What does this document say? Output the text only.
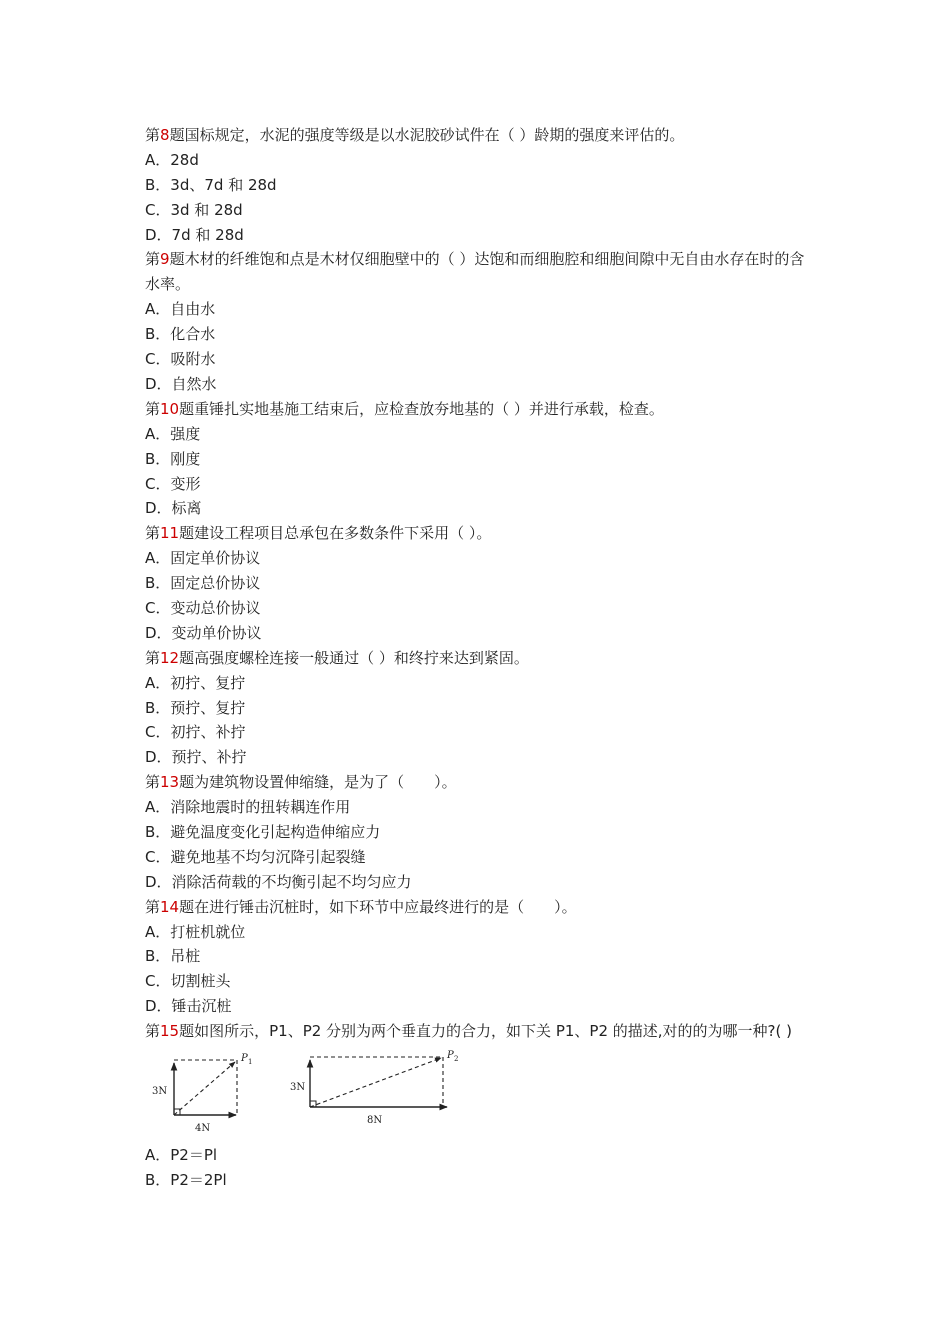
第8题国标规定，水泥的强度等级是以水泥胶砂试件在（ ）龄期的强度来评估的。
A．28d
B．3d、7d 和 28d
C．3d 和 28d
D．7d 和 28d
第9题木材的纤维饱和点是木材仅细胞壁中的（ ）达饱和而细胞腔和细胞间隙中无自由水存在时的含水率。
A．自由水
B．化合水
C．吸附水
D．自然水
第10题重锤扎实地基施工结束后，应检查放夯地基的（ ）并进行承载，检查。
A．强度
B．刚度
C．变形
D．标离
第11题建设工程项目总承包在多数条件下采用（ ）。
A．固定单价协议
B．固定总价协议
C．变动总价协议
D．变动单价协议
第12题高强度螺栓连接一般通过（ ）和终拧来达到紧固。
A．初拧、复拧
B．预拧、复拧
C．初拧、补拧
D．预拧、补拧
第13题为建筑物设置伸缩缝，是为了（　　）。
A．消除地震时的扭转耦连作用
B．避免温度变化引起构造伸缩应力
C．避免地基不均匀沉降引起裂缝
D．消除活荷载的不均衡引起不均匀应力
第14题在进行锤击沉桩时，如下环节中应最终进行的是（　　）。
A．打桩机就位
B．吊桩
C．切割桩头
D．锤击沉桩
第15题如图所示，P1、P2 分别为两个垂直力的合力，如下关 P1、P2 的描述,对的的为哪一种?( )
3N
4N
P 1
3N
8N
P 2
A．P2＝Pl
B．P2＝2Pl
